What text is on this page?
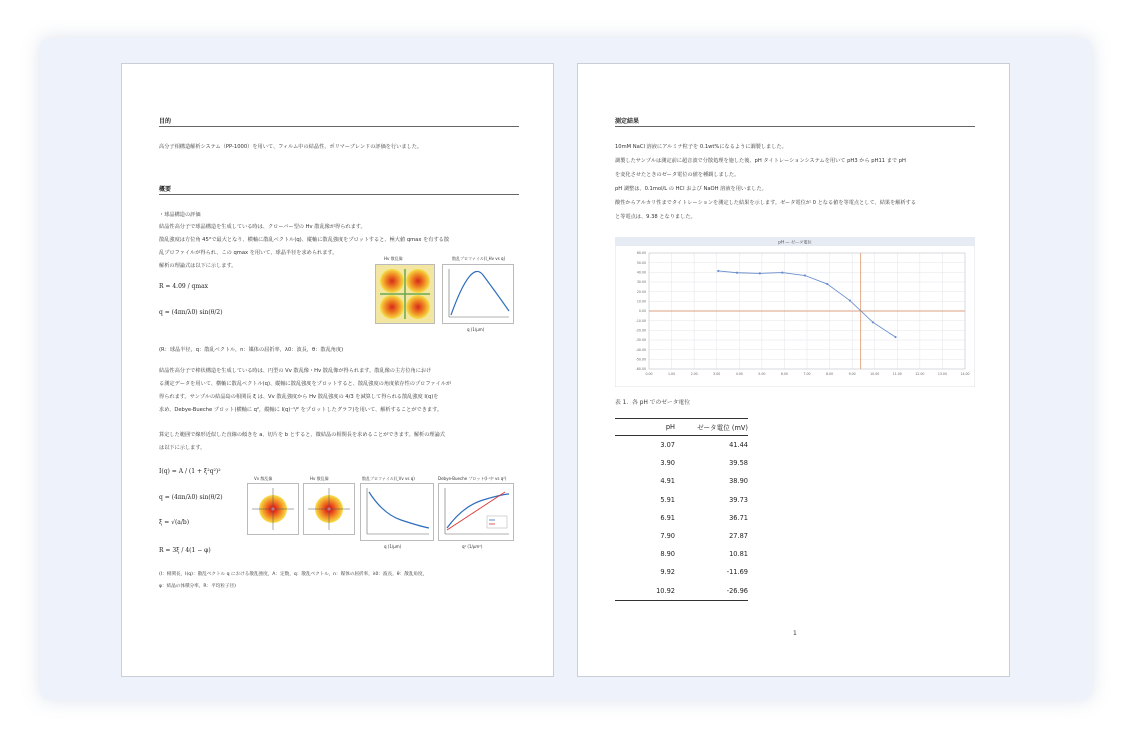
目的
高分子相構造解析システム（PP-1000）を用いて、フィルム中の結晶性、ポリマーブレンドの評価を行いました。
概要
・球晶構造の評価
結晶性高分子で球晶構造を生成している時は、クローバー型の Hv 散乱像が得られます。
散乱強度は方位角 45°で最大となり、横軸に散乱ベクトル(q)、縦軸に散乱強度をプロットすると、極大値 qmax を有する散
乱プロファイルが得られ、この qmax を用いて、球晶半径を求められます。
解析の理論式は以下に示します。
R = 4.09 / qmax
q = (4πn/λ0) sin(θ/2)
Hv 散乱像	散乱プロファイル(I_Hv vs q)
q (1/μm)
(R：球晶半径，q：散乱ベクトル，n：媒体の屈折率，λ0：波長，θ：散乱角度)
結晶性高分子で棒状構造を生成している時は、円型の Vv 散乱像・Hv 散乱像が得られます。散乱像の主方位角におけ
る測定データを用いて、横軸に散乱ベクトル(q)、縦軸に散乱強度をプロットすると、散乱強度の角度依存性のプロファイルが
得られます。サンプルの結晶島の相関長 ξ は、Vv 散乱強度から Hv 散乱強度の 4/3 を減算して得られる散乱強度 I(q)を
求め、Debye-Bueche プロット(横軸に q²，縦軸に I(q)⁻¹/² をプロットしたグラフ)を用いて、解析することができます。
算定した範囲で線形近似した直線の傾きを a、切片を b とすると、微結晶の相関長を求めることができます。解析の理論式
は以下に示します。
I(q) = A / (1 + ξ²q²)²
q = (4πn/λ0) sin(θ/2)
ξ = √(a/b)
R = 3ξ / 4(1 − φ)
Vv 散乱像	Hv 散乱像	散乱プロファイル(I_Vv vs q)
q (1/μm)
Debye-Bueche プロット(I⁻¹/² vs q²)
q² (1/μm²)
(I：相関長，I(q)：散乱ベクトル q における散乱強度，A：定数，q：散乱ベクトル，n：媒体の屈折率，λ0：波長，θ：散乱角度，
φ：結晶の体積分率，R：平均粒子径)
測定結果
10mM NaCl 溶液にアルミナ粒子を 0.1wt%になるように調製しました。
調製したサンプルは測定前に超音波で分散処理を施した後、pH タイトレーションシステムを用いて pH3 から pH11 まで pH
を変化させたときのゼータ電位の値を種観しました。
pH 調整は、0.1mol/L の HCl および NaOH 溶液を用いました。
酸性からアルカリ性までタイトレーションを測定した結果を示します。ゼータ電位が 0 となる値を等電点として、結果を解析する
と等電点は、9.38 となりました。
pH — ゼータ電位
60.00
50.00
40.00
30.00
20.00
10.00
0.00
-10.00
-20.00
-30.00
-40.00
-50.00
-60.00
0.00	1.00	2.00	3.00	4.00	5.00	6.00	7.00	8.00	9.00	10.00	11.00	12.00	13.00	14.00
表 1．各 pH でのゼータ電位
pH	ゼータ電位 (mV)
3.07	41.44
3.90	39.58
4.91	38.90
5.91	39.73
6.91	36.71
7.90	27.87
8.90	10.81
9.92	-11.69
10.92	-26.96
1
